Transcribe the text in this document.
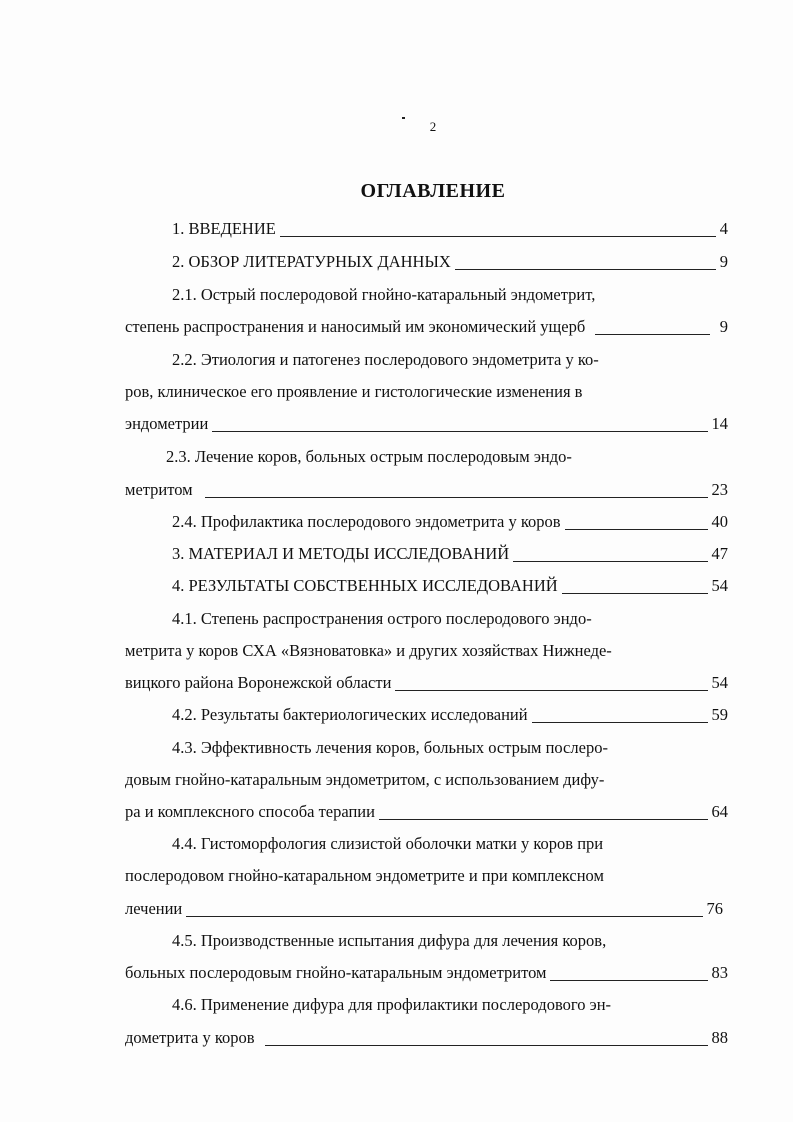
2
ОГЛАВЛЕНИЕ
1. ВВЕДЕНИЕ	4
2. ОБЗОР ЛИТЕРАТУРНЫХ ДАННЫХ	9
2.1. Острый послеродовой гнойно-катаральный эндометрит,
степень распространения и наносимый им экономический ущерб	9
2.2. Этиология и патогенез послеродового эндометрита у ко-
ров, клиническое его проявление и гистологические изменения в
эндометрии	14
2.3. Лечение коров, больных острым послеродовым эндо-
метритом	23
2.4. Профилактика послеродового эндометрита у коров	40
3. МАТЕРИАЛ И МЕТОДЫ ИССЛЕДОВАНИЙ	47
4. РЕЗУЛЬТАТЫ СОБСТВЕННЫХ ИССЛЕДОВАНИЙ	54
4.1. Степень распространения острого послеродового эндо-
метрита у коров СХА «Вязноватовка» и других хозяйствах Нижнеде-
вицкого района Воронежской области	54
4.2. Результаты бактериологических исследований	59
4.3. Эффективность лечения коров, больных острым послеро-
довым гнойно-катаральным эндометритом, с использованием дифу-
ра и комплексного способа терапии	64
4.4. Гистоморфология слизистой оболочки матки у коров при
послеродовом гнойно-катаральном эндометрите и при комплексном
лечении	76
4.5. Производственные испытания дифура для лечения коров,
больных послеродовым гнойно-катаральным эндометритом	83
4.6. Применение дифура для профилактики послеродового эн-
дометрита у коров	88
